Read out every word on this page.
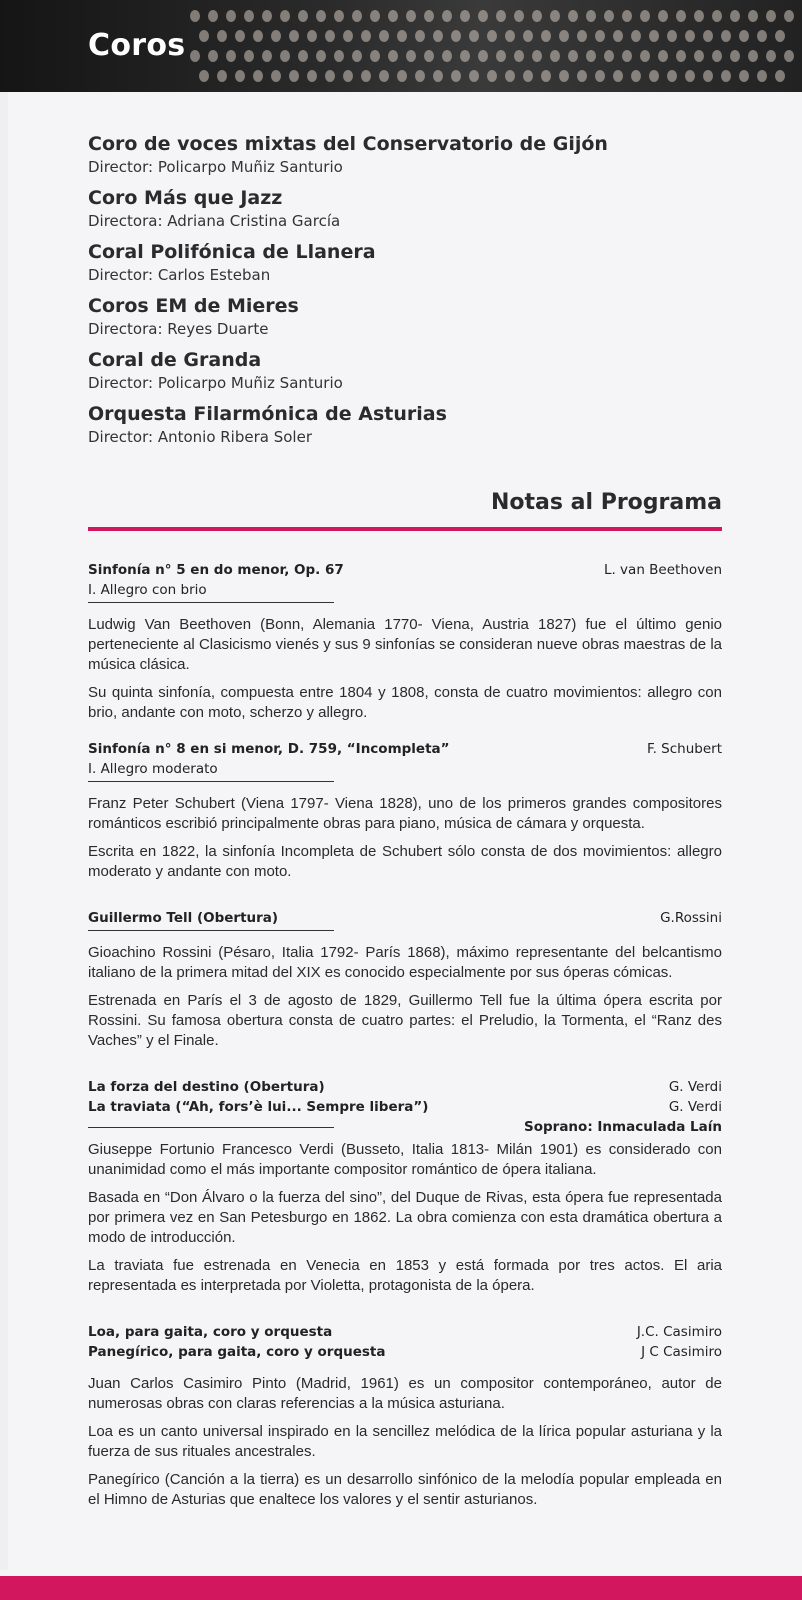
Coros
Coro de voces mixtas del Conservatorio de Gijón
Director: Policarpo Muñiz Santurio
Coro Más que Jazz
Directora: Adriana Cristina García
Coral Polifónica de Llanera
Director: Carlos Esteban
Coros EM de Mieres
Directora: Reyes Duarte
Coral de Granda
Director: Policarpo Muñiz Santurio
Orquesta Filarmónica de Asturias
Director: Antonio Ribera Soler
Notas al Programa
Sinfonía n° 5 en do menor, Op. 67	L. van Beethoven
I. Allegro con brio

Ludwig Van Beethoven (Bonn, Alemania 1770- Viena, Austria 1827) fue el último genio perteneciente al Clasicismo vienés y sus 9 sinfonías se consideran nueve obras maestras de la música clásica.

Su quinta sinfonía, compuesta entre 1804 y 1808, consta de cuatro movimientos: allegro con brio, andante con moto, scherzo y allegro.

Sinfonía n° 8 en si menor, D. 759, “Incompleta”	F. Schubert
I. Allegro moderato

Franz Peter Schubert (Viena 1797- Viena 1828), uno de los primeros grandes compositores románticos escribió principalmente obras para piano, música de cámara y orquesta.

Escrita en 1822, la sinfonía Incompleta de Schubert sólo consta de dos movimientos: allegro moderato y andante con moto.

Guillermo Tell (Obertura)	G.Rossini

Gioachino Rossini (Pésaro, Italia 1792- París 1868), máximo representante del belcantismo italiano de la primera mitad del XIX es conocido especialmente por sus óperas cómicas.

Estrenada en París el 3 de agosto de 1829, Guillermo Tell fue la última ópera escrita por Rossini. Su famosa obertura consta de cuatro partes: el Preludio, la Tormenta, el “Ranz des Vaches” y el Finale.

La forza del destino (Obertura)	G. Verdi
La traviata (“Ah, fors’è lui... Sempre libera”)	G. Verdi
Soprano: Inmaculada Laín

Giuseppe Fortunio Francesco Verdi (Busseto, Italia 1813- Milán 1901) es considerado con unanimidad como el más importante compositor romántico de ópera italiana.

Basada en “Don Álvaro o la fuerza del sino”, del Duque de Rivas, esta ópera fue representada por primera vez en San Petesburgo en 1862. La obra comienza con esta dramática obertura a modo de introducción.

La traviata fue estrenada en Venecia en 1853 y está formada por tres actos. El aria representada es interpretada por Violetta, protagonista de la ópera.

Loa, para gaita, coro y orquesta	J.C. Casimiro
Panegírico, para gaita, coro y orquesta	J C Casimiro

Juan Carlos Casimiro Pinto (Madrid, 1961) es un compositor contemporáneo, autor de numerosas obras con claras referencias a la música asturiana.

Loa es un canto universal inspirado en la sencillez melódica de la lírica popular asturiana y la fuerza de sus rituales ancestrales.

Panegírico (Canción a la tierra) es un desarrollo sinfónico de la melodía popular empleada en el Himno de Asturias que enaltece los valores y el sentir asturianos.
